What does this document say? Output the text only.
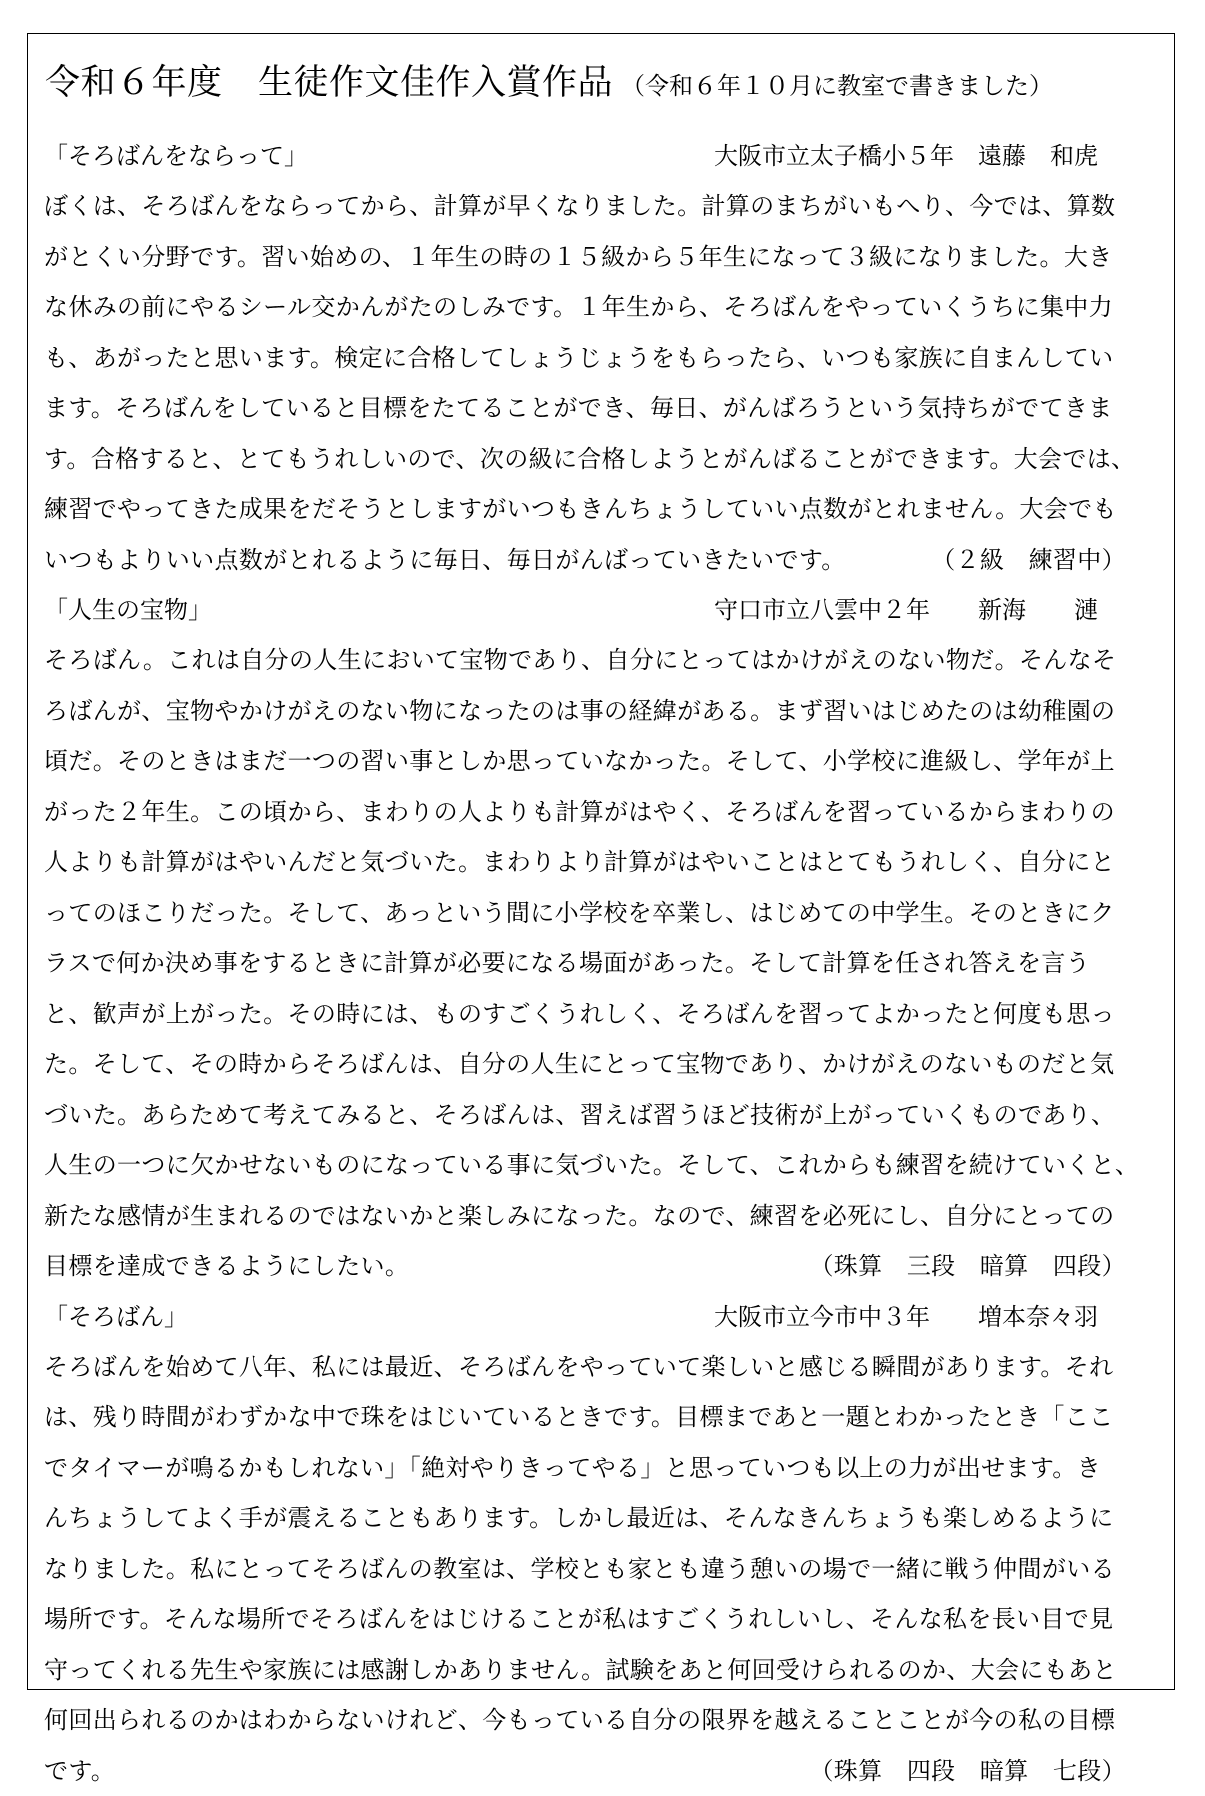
令和６年度　生徒作文佳作入賞作品 （令和６年１０月に教室で書きました）
「そろばんをならって」	大阪市立太子橋小５年　遠藤　和虎
ぼくは、そろばんをならってから、計算が早くなりました。計算のまちがいもへり、今では、算数
がとくい分野です。習い始めの、１年生の時の１５級から５年生になって３級になりました。大き
な休みの前にやるシール交かんがたのしみです。１年生から、そろばんをやっていくうちに集中力
も、あがったと思います。検定に合格してしょうじょうをもらったら、いつも家族に自まんしてい
ます。そろばんをしていると目標をたてることができ、毎日、がんばろうという気持ちがでてきま
す。合格すると、とてもうれしいので、次の級に合格しようとがんばることができます。大会では、
練習でやってきた成果をだそうとしますがいつもきんちょうしていい点数がとれません。大会でも
いつもよりいい点数がとれるように毎日、毎日がんばっていきたいです。	（２級　練習中）
「人生の宝物」	守口市立八雲中２年　　新海　　漣
そろばん。これは自分の人生において宝物であり、自分にとってはかけがえのない物だ。そんなそ
ろばんが、宝物やかけがえのない物になったのは事の経緯がある。まず習いはじめたのは幼稚園の
頃だ。そのときはまだ一つの習い事としか思っていなかった。そして、小学校に進級し、学年が上
がった２年生。この頃から、まわりの人よりも計算がはやく、そろばんを習っているからまわりの
人よりも計算がはやいんだと気づいた。まわりより計算がはやいことはとてもうれしく、自分にと
ってのほこりだった。そして、あっという間に小学校を卒業し、はじめての中学生。そのときにク
ラスで何か決め事をするときに計算が必要になる場面があった。そして計算を任され答えを言う
と、歓声が上がった。その時には、ものすごくうれしく、そろばんを習ってよかったと何度も思っ
た。そして、その時からそろばんは、自分の人生にとって宝物であり、かけがえのないものだと気
づいた。あらためて考えてみると、そろばんは、習えば習うほど技術が上がっていくものであり、
人生の一つに欠かせないものになっている事に気づいた。そして、これからも練習を続けていくと、
新たな感情が生まれるのではないかと楽しみになった。なので、練習を必死にし、自分にとっての
目標を達成できるようにしたい。	（珠算　三段　暗算　四段）
「そろばん」	大阪市立今市中３年　　増本奈々羽
そろばんを始めて八年、私には最近、そろばんをやっていて楽しいと感じる瞬間があります。それ
は、残り時間がわずかな中で珠をはじいているときです。目標まであと一題とわかったとき「ここ
でタイマーが鳴るかもしれない」「絶対やりきってやる」と思っていつも以上の力が出せます。き
んちょうしてよく手が震えることもあります。しかし最近は、そんなきんちょうも楽しめるように
なりました。私にとってそろばんの教室は、学校とも家とも違う憩いの場で一緒に戦う仲間がいる
場所です。そんな場所でそろばんをはじけることが私はすごくうれしいし、そんな私を長い目で見
守ってくれる先生や家族には感謝しかありません。試験をあと何回受けられるのか、大会にもあと
何回出られるのかはわからないけれど、今もっている自分の限界を越えることことが今の私の目標
です。	（珠算　四段　暗算　七段）
